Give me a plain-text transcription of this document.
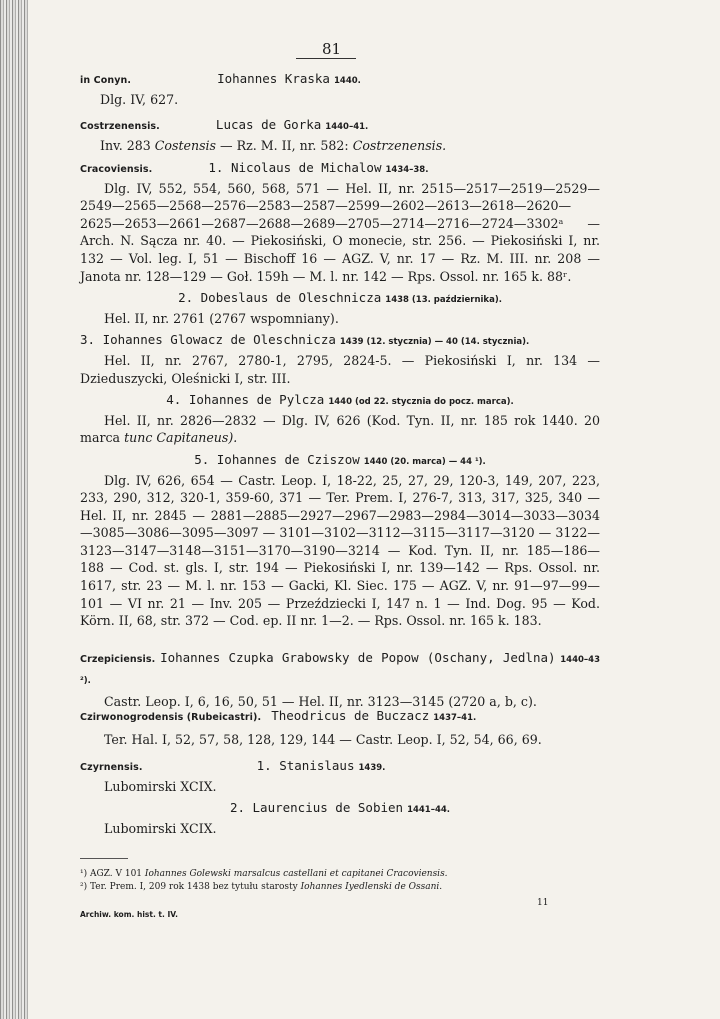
81
in Conyn.	Iohannes Kraska 1440.
Dlg. IV, 627.
Costrzenensis.	Lucas de Gorka 1440–41.
Inv. 283 Costensis — Rz. M. II, nr. 582: Costrzenensis.
Cracoviensis.	1. Nicolaus de Michalow 1434–38.
Dlg. IV, 552, 554, 560, 568, 571 — Hel. II, nr. 2515—2517—2519—2529—2549—2565—2568—2576—2583—2587—2599—2602—2613—2618—2620—2625—2653—2661—2687—2688—2689—2705—2714—2716—2724—3302ᵃ — Arch. N. Sącza nr. 40. — Piekosiński, O monecie, str. 256. — Piekosiński I, nr. 132 — Vol. leg. I, 51 — Bischoff 16 — AGZ. V, nr. 17 — Rz. M. III. nr. 208 — Janota nr. 128—129 — Goł. 159h — M. l. nr. 142 — Rps. Ossol. nr. 165 k. 88ʳ.
2. Dobeslaus de Oleschnicza 1438 (13. października).
Hel. II, nr. 2761 (2767 wspomniany).
3. Iohannes Glowacz de Oleschnicza 1439 (12. stycznia) — 40 (14. stycznia).
Hel. II, nr. 2767, 2780-1, 2795, 2824-5. — Piekosiński I, nr. 134 — Dzieduszycki, Oleśnicki I, str. III.
4. Iohannes de Pylcza 1440 (od 22. stycznia do pocz. marca).
Hel. II, nr. 2826—2832 — Dlg. IV, 626 (Kod. Tyn. II, nr. 185 rok 1440. 20 marca tunc Capitaneus).
5. Iohannes de Cziszow 1440 (20. marca) — 44 ¹).
Dlg. IV, 626, 654 — Castr. Leop. I, 18-22, 25, 27, 29, 120-3, 149, 207, 223, 233, 290, 312, 320-1, 359-60, 371 — Ter. Prem. I, 276-7, 313, 317, 325, 340 — Hel. II, nr. 2845 — 2881—2885—2927—2967—2983—2984—3014—3033—3034—3085—3086—3095—3097 — 3101—3102—3112—3115—3117—3120 — 3122—3123—3147—3148—3151—3170—3190—3214 — Kod. Tyn. II, nr. 185—186—188 — Cod. st. gls. I, str. 194 — Piekosiński I, nr. 139—142 — Rps. Ossol. nr. 1617, str. 23 — M. l. nr. 153 — Gacki, Kl. Siec. 175 — AGZ. V, nr. 91—97—99—101 — VI nr. 21 — Inv. 205 — Przeździecki I, 147 n. 1 — Ind. Dog. 95 — Kod. Körn. II, 68, str. 372 — Cod. ep. II nr. 1—2. — Rps. Ossol. nr. 165 k. 183.
Crzepiciensis. Iohannes Czupka Grabowsky de Popow (Oschany, Jedlna) 1440–43 ²).
Castr. Leop. I, 6, 16, 50, 51 — Hel. II, nr. 3123—3145 (2720 a, b, c).
Czirwonogrodensis (Rubeicastri). Theodricus de Buczacz 1437–41.
Ter. Hal. I, 52, 57, 58, 128, 129, 144 — Castr. Leop. I, 52, 54, 66, 69.
Czyrnensis.	1. Stanislaus 1439.
Lubomirski XCIX.
2. Laurencius de Sobien 1441–44.
Lubomirski XCIX.
¹) AGZ. V 101 Iohannes Golewski marsalcus castellani et capitanei Cracoviensis.
²) Ter. Prem. I, 209 rok 1438 bez tytułu starosty Iohannes Iyedlenski de Ossani.
Archiw. kom. hist. t. IV.
11
